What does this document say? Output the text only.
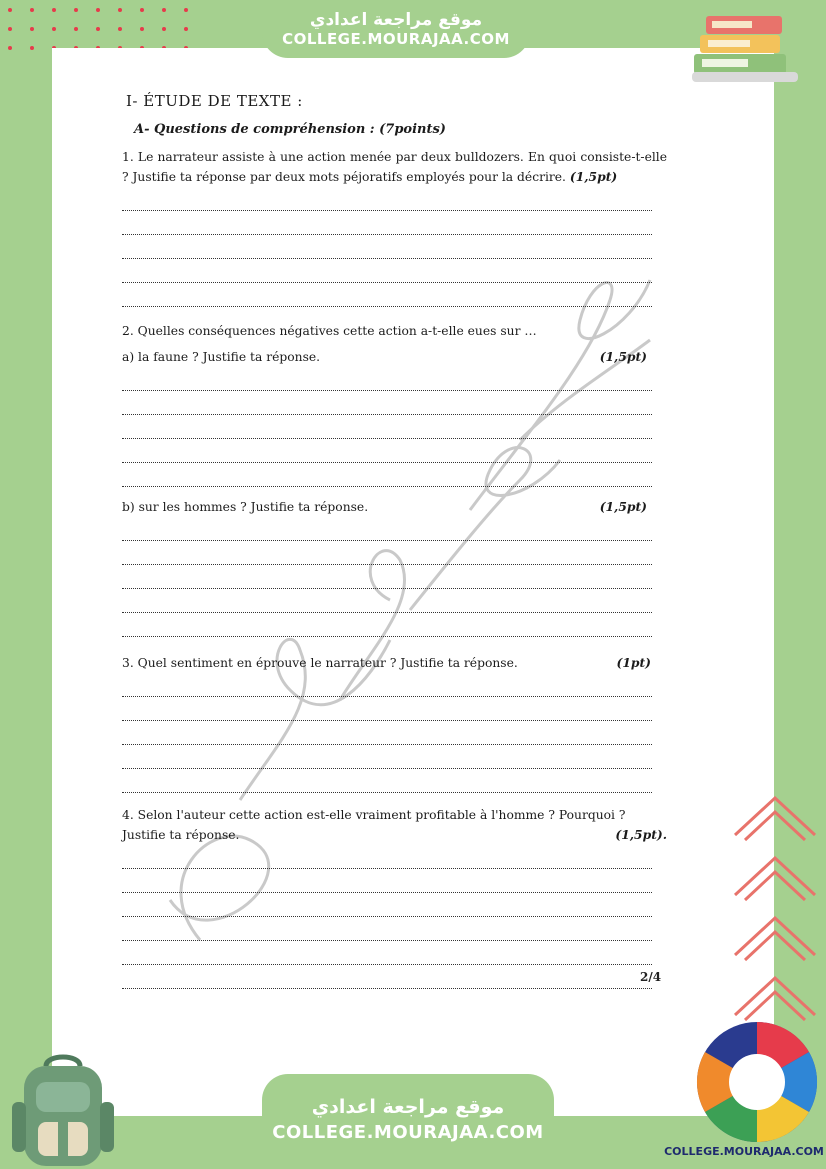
موقع مراجعة اعدادي
COLLEGE.MOURAJAA.COM
I- ÉTUDE DE TEXTE :
A- Questions de compréhension : (7points)
1. Le narrateur assiste à une action menée par deux bulldozers. En quoi consiste-t-elle ? Justifie ta réponse par deux mots péjoratifs employés pour la décrire. (1,5pt)
2. Quelles conséquences négatives cette action a-t-elle eues sur …
a) la faune ? Justifie ta réponse.	(1,5pt)
b) sur les hommes ? Justifie ta réponse.	(1,5pt)
3. Quel sentiment en éprouve le narrateur ? Justifie ta réponse.	(1pt)
4. Selon l'auteur cette action est-elle vraiment profitable à l'homme ? Pourquoi ?
Justifie ta réponse.	(1,5pt).
2/4
COLLEGE.MOURAJAA.COM
موقع مراجعة اعدادي
COLLEGE.MOURAJAA.COM
